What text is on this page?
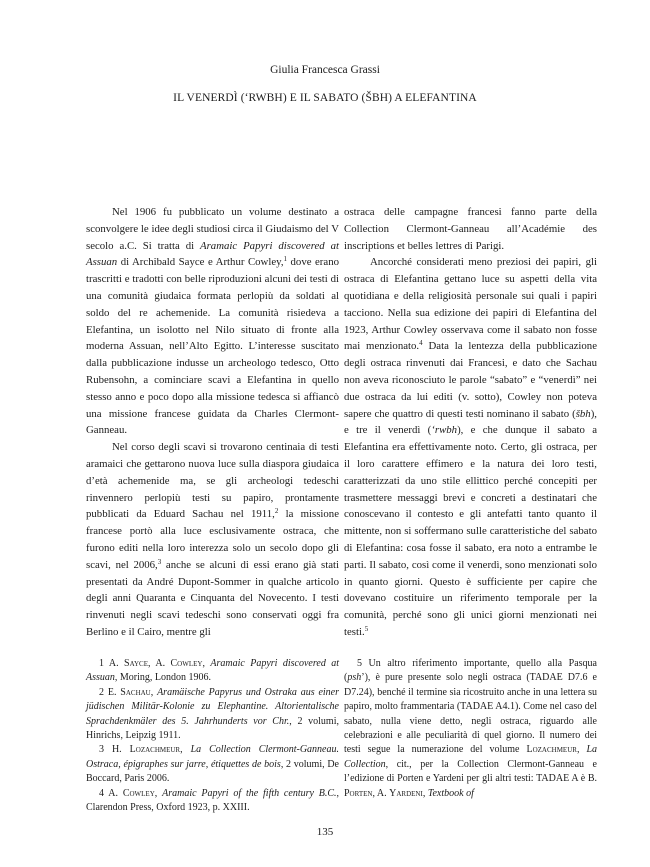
Giulia Francesca Grassi
IL VENERDÌ (ʻRWBH) E IL SABATO (ŠBH) A ELEFANTINA

Nel 1906 fu pubblicato un volume destinato a sconvolgere le idee degli studiosi circa il Giudaismo del V secolo a.C. Si tratta di Aramaic Papyri discovered at Assuan di Archibald Sayce e Arthur Cowley,$^1$ dove erano trascritti e tradotti con belle riproduzioni alcuni dei testi di una comunità giudaica formata perlopiù da soldati al soldo del re achemenide. La comunità risiedeva a Elefantina, un isolotto nel Nilo situato di fronte alla moderna Assuan, nell’Alto Egitto. L’interesse suscitato dalla pubblicazione indusse un archeologo tedesco, Otto Rubensohn, a cominciare scavi a Elefantina in quello stesso anno e poco dopo alla missione tedesca si affiancò una missione francese guidata da Charles Clermont-Ganneau.

Nel corso degli scavi si trovarono centinaia di testi aramaici che gettarono nuova luce sulla diaspora giudaica d’età achemenide ma, se gli archeologi tedeschi rinvennero perlopiù testi su papiro, prontamente pubblicati da Eduard Sachau nel 1911,$^2$ la missione francese portò alla luce esclusivamente ostraca, che furono editi nella loro interezza solo un secolo dopo gli scavi, nel 2006,$^3$ anche se alcuni di essi erano già stati presentati da André Dupont-Sommer in qualche articolo degli anni Quaranta e Cinquanta del Novecento. I testi rinvenuti negli scavi tedeschi sono conservati oggi fra Berlino e il Cairo, mentre gli

ostraca delle campagne francesi fanno parte della Collection Clermont-Ganneau all’Académie des inscriptions et belles lettres di Parigi.

Ancorché considerati meno preziosi dei papiri, gli ostraca di Elefantina gettano luce su aspetti della vita quotidiana e della religiosità personale sui quali i papiri tacciono. Nella sua edizione dei papiri di Elefantina del 1923, Arthur Cowley osservava come il sabato non fosse mai menzionato.$^4$ Data la lentezza della pubblicazione degli ostraca rinvenuti dai Francesi, e dato che Sachau non aveva riconosciuto le parole “sabato” e “venerdì” nei due ostraca da lui editi (v. sotto), Cowley non poteva sapere che quattro di questi testi nominano il sabato (šbh), e tre il venerdì (ʻrwbh), e che dunque il sabato a Elefantina era effettivamente noto. Certo, gli ostraca, per il loro carattere effimero e la natura dei loro testi, caratterizzati da uno stile ellittico perché concepiti per trasmettere messaggi brevi e concreti a destinatari che conoscevano il contesto e gli antefatti tanto quanto il mittente, non si soffermano sulle caratteristiche del sabato di Elefantina: cosa fosse il sabato, era noto a entrambe le parti. Il sabato, così come il venerdì, sono menzionati solo in quanto giorni. Questo è sufficiente per capire che dovevano costituire un riferimento temporale per la comunità, perché sono gli unici giorni menzionati nei testi.$^5$

1 A. Sayce, A. Cowley, Aramaic Papyri discovered at Assuan, Moring, London 1906.

2 E. Sachau, Aramäische Papyrus und Ostraka aus einer jüdischen Militär-Kolonie zu Elephantine. Altorientalische Sprachdenkmäler des 5. Jahrhunderts vor Chr., 2 volumi, Hinrichs, Leipzig 1911.

3 H. Lozachmeur, La Collection Clermont-Ganneau. Ostraca, épigraphes sur jarre, étiquettes de bois, 2 volumi, De Boccard, Paris 2006.

4 A. Cowley, Aramaic Papyri of the fifth century B.C., Clarendon Press, Oxford 1923, p. XXIII.

5 Un altro riferimento importante, quello alla Pasqua (psh’), è pure presente solo negli ostraca (TADAE D7.6 e D7.24), benché il termine sia ricostruito anche in una lettera su papiro, molto frammentaria (TADAE A4.1). Come nel caso del sabato, nulla viene detto, negli ostraca, riguardo alle celebrazioni e alle peculiarità di quel giorno. Il numero dei testi segue la numerazione del volume Lozachmeur, La Collection, cit., per la Collection Clermont-Ganneau e l’edizione di Porten e Yardeni per gli altri testi: TADAE A è B. Porten, A. Yardeni, Textbook of

135
